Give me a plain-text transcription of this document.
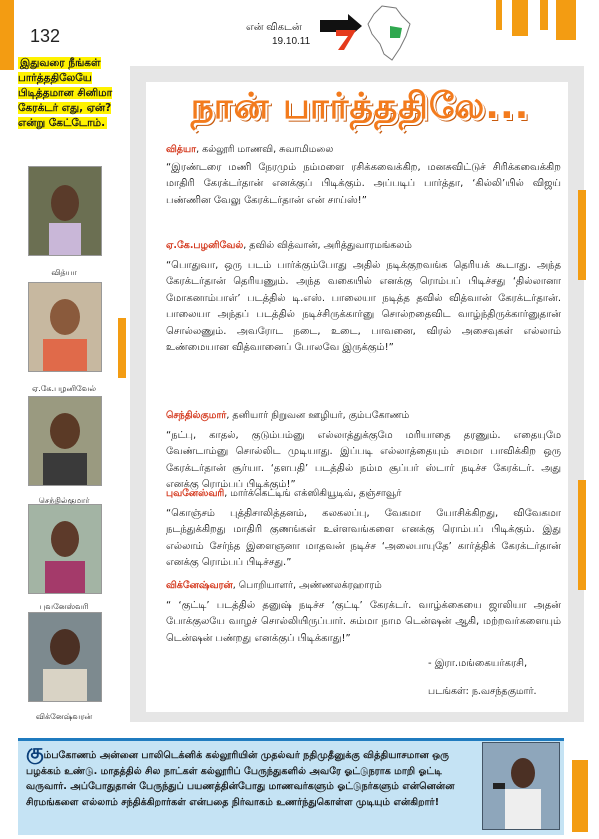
132	என் விகடன்
19.10.11
இதுவரை நீங்கள் பார்த்ததிலேயே பிடித்தமான சினிமா கேரக்டர் எது, ஏன்? என்று கேட்டோம்.
வித்யா
ஏ.கே.பழனிவேல்
செந்தில்குமார்
புவனேஸ்வரி
விக்னேஷ்வரன்
நான் பார்த்ததிலே...
வித்யா, கல்லூரி மாணவி, சுவாமிமலை
“இரண்டரை மணி நேரமும் நம்மளை ரசிக்கவைக்கிற, மனசுவிட்டுச் சிரிக்கவைக்கிற மாதிரி கேரக்டர்தான் எனக்குப் பிடிக்கும். அப்படிப் பார்த்தா, ‘கில்லி’யில் விஜய் பண்ணின வேலு கேரக்டர்தான் என் சாய்ஸ்!”
ஏ.கே.பழனிவேல், தவில் வித்வான், அரித்துவாரமங்கலம்
“பொதுவா, ஒரு படம் பார்க்கும்போது அதில் நடிக்குறவங்க தெரியக் கூடாது. அந்த கேரக்டர்தான் தெரியணும். அந்த வகையில் எனக்கு ரொம்பப் பிடிச்சது ‘தில்லானா மோகனாம்பாள்’ படத்தில் டி.எஸ். பாலையா நடித்த தவில் வித்வான் கேரக்டர்தான். பாலையா அந்தப் படத்தில் நடிச்சிருக்கார்னு சொல்றதைவிட வாழ்ந்திருக்கார்னுதான் சொல்லணும். அவரோட நடை, உடை, பாவனை, விரல் அசைவுகள் எல்லாம் உண்மையான வித்வானைப் போலவே இருக்கும்!”
செந்தில்குமார், தனியார் நிறுவன ஊழியர், கும்பகோணம்
“நட்பு, காதல், குடும்பம்னு எல்லாத்துக்குமே மரியாதை தரணும். எதையுமே வேண்டாம்னு சொல்லிட முடியாது. இப்படி எல்லாத்தையும் சமமா பாவிக்கிற ஒரு கேரக்டர்தான் சூர்யா. ‘தளபதி’ படத்தில் நம்ம சூப்பர் ஸ்டார் நடிச்ச கேரக்டர். அது எனக்கு ரொம்பப் பிடிக்கும்!”
புவனேஸ்வரி, மார்க்கெட்டிங் எக்ஸிகியூடிவ், தஞ்சாவூர்
“கொஞ்சம் புத்திசாலித்தனம், கலகலப்பு, வேகமா யோசிக்கிறது, விவேகமா நடந்துக்கிறது மாதிரி குணங்கள் உள்ளவங்களை எனக்கு ரொம்பப் பிடிக்கும். இது எல்லாம் சேர்ந்த இளைஞனா மாதவன் நடிச்ச ‘அலைபாயுதே’ கார்த்திக் கேரக்டர்தான் எனக்கு ரொம்பப் பிடிச்சது.”
விக்னேஷ்வரன், பொறியாளர், அண்ணலக்ரஹாரம்
“ ‘குட்டி’ படத்தில் தனுஷ் நடிச்ச ‘குட்டி’ கேரக்டர். வாழ்க்கையை ஜாலியா அதன் போக்குலயே வாழச் சொல்லியிருப்பார். சும்மா நாம டென்ஷன் ஆகி, மற்றவர்களையும் டென்ஷன் பண்றது எனக்குப் பிடிக்காது!”
- இரா.மங்கையர்கரசி,
படங்கள்: ந.வசந்தகுமார்.
கும்பகோணம் அன்னை பாலிடெக்னிக் கல்லூரியின் முதல்வர் நதிமுதீனுக்கு வித்தியாசமான ஒரு பழக்கம் உண்டு. மாதத்தில் சில நாட்கள் கல்லூரிப் பேருந்துகளில் அவரே ஓட்டுநராக மாறி ஓட்டி வருவார். அப்போதுதான் பேருந்துப் பயணத்தின்போது மாணவர்களும் ஓட்டுநர்களும் என்னென்ன சிரமங்களை எல்லாம் சந்திக்கிறார்கள் என்பதை நிர்வாகம் உணர்ந்துகொள்ள முடியும் என்கிறார்!
